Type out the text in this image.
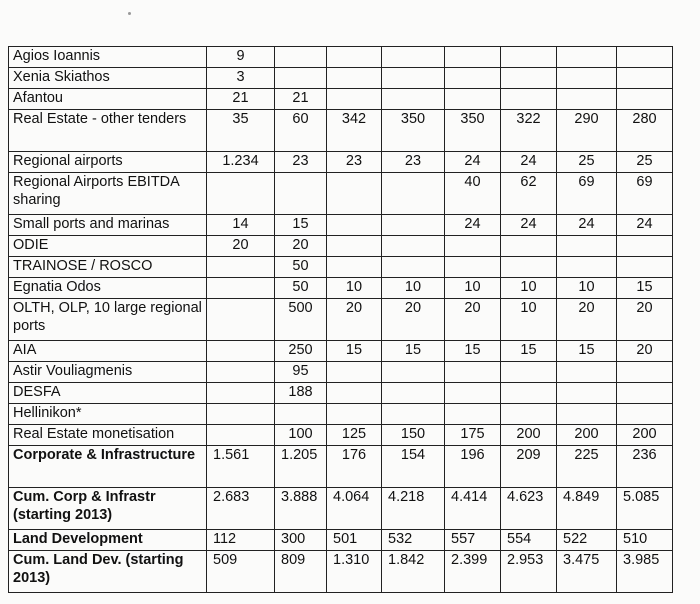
Agios Ioannis	9							
Xenia Skiathos	3							
Afantou	21	21						
Real Estate - other tenders	35	60	342	350	350	322	290	280
Regional airports	1.234	23	23	23	24	24	25	25
Regional Airports EBITDA sharing					40	62	69	69
Small ports and marinas	14	15			24	24	24	24
ODIE	20	20						
TRAINOSE / ROSCO		50						
Egnatia Odos		50	10	10	10	10	10	15
OLTH, OLP, 10 large regional ports		500	20	20	20	10	20	20
AIA		250	15	15	15	15	15	20
Astir Vouliagmenis		95						
DESFA		188						
Hellinikon*								
Real Estate monetisation		100	125	150	175	200	200	200
Corporate & Infrastructure	1.561	1.205	176	154	196	209	225	236
Cum. Corp & Infrastr (starting 2013)	2.683	3.888	4.064	4.218	4.414	4.623	4.849	5.085
Land Development	112	300	501	532	557	554	522	510
Cum. Land Dev. (starting 2013)	509	809	1.310	1.842	2.399	2.953	3.475	3.985
